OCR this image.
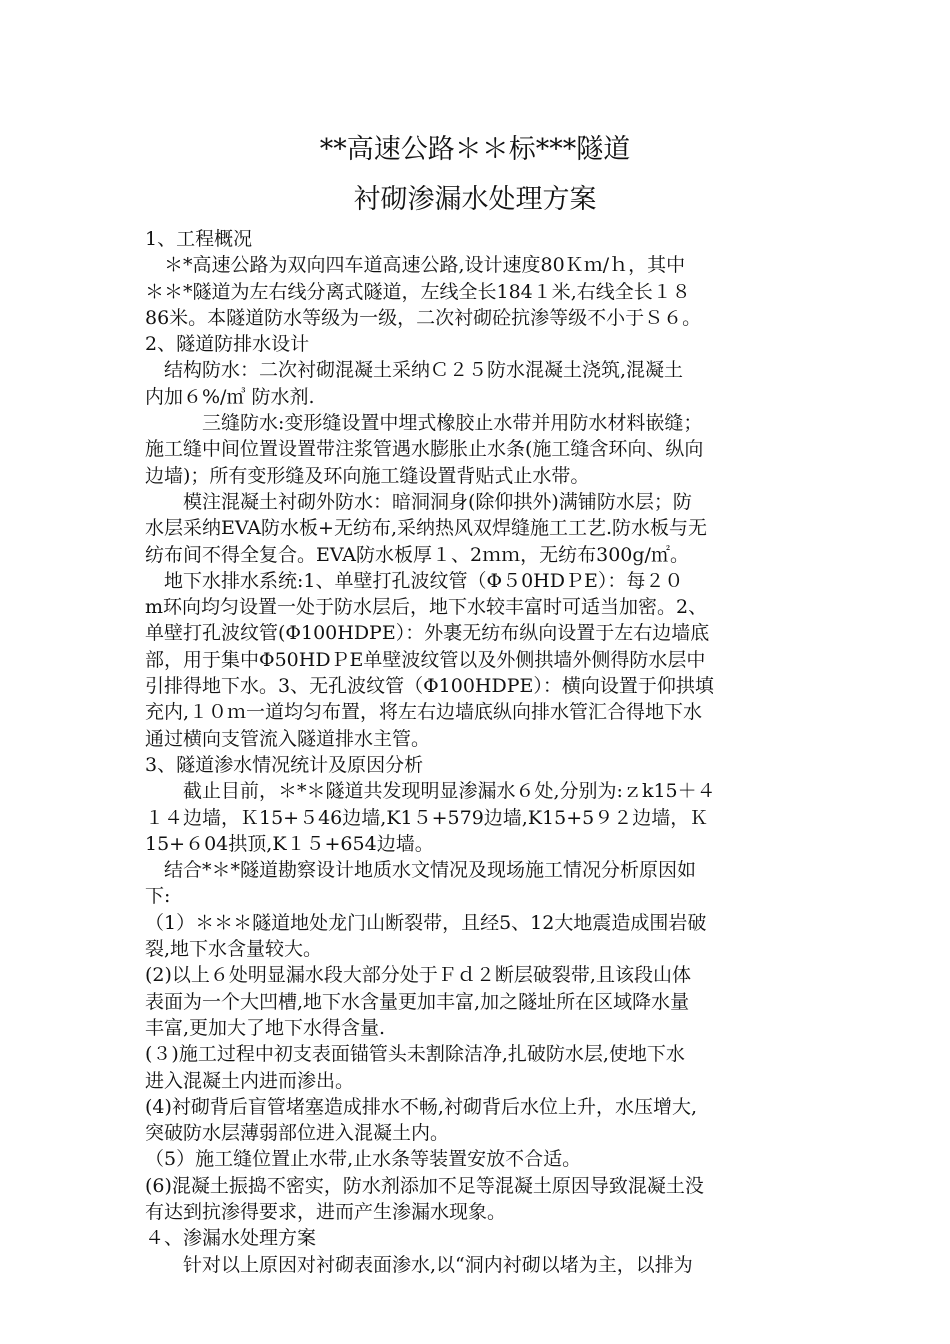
**高速公路＊＊标***隧道
衬砌渗漏水处理方案
1、工程概况
　＊*高速公路为双向四车道高速公路,设计速度80Ｋｍ/ｈ，其中
＊＊*隧道为左右线分离式隧道，左线全长184１米,右线全长１８
86米。本隧道防水等级为一级，二次衬砌砼抗渗等级不小于Ｓ６。
2、隧道防排水设计
　结构防水：二次衬砌混凝土采纳Ｃ２５防水混凝土浇筑,混凝土
内加６%/㎥ 防水剂.
　　　三缝防水:变形缝设置中埋式橡胶止水带并用防水材料嵌缝；
施工缝中间位置设置带注浆管遇水膨胀止水条(施工缝含环向、纵向
边墙)；所有变形缝及环向施工缝设置背贴式止水带。
　　模注混凝土衬砌外防水：暗洞洞身(除仰拱外)满铺防水层；防
水层采纳EVA防水板+无纺布,采纳热风双焊缝施工工艺.防水板与无
纺布间不得全复合。EVA防水板厚１、2ｍｍ，无纺布300g/㎡。
　地下水排水系统:1、单壁打孔波纹管（Φ５0HDＰE）：每２０
m环向均匀设置一处于防水层后，地下水较丰富时可适当加密。2、
单壁打孔波纹管(Φ100HDPE）：外裹无纺布纵向设置于左右边墙底
部，用于集中Φ50HDＰE单壁波纹管以及外侧拱墙外侧得防水层中
引排得地下水。3、无孔波纹管（Φ100HDPE）：横向设置于仰拱填
充内,１０ｍ一道均匀布置，将左右边墙底纵向排水管汇合得地下水
通过横向支管流入隧道排水主管。
3、隧道渗水情况统计及原因分析
　　截止目前，＊*＊隧道共发现明显渗漏水６处,分别为:ｚk15＋４
１４边墙，Ｋ15+５46边墙,K1５+579边墙,K15+5９２边墙，Ｋ
15+６04拱顶,K１５+654边墙。
　结合*＊*隧道勘察设计地质水文情况及现场施工情况分析原因如
下:
（1）＊＊＊隧道地处龙门山断裂带，且经5、12大地震造成围岩破
裂,地下水含量较大。
(2)以上６处明显漏水段大部分处于Ｆｄ２断层破裂带,且该段山体
表面为一个大凹槽,地下水含量更加丰富,加之隧址所在区域降水量
丰富,更加大了地下水得含量.
(３)施工过程中初支表面锚管头未割除洁净,扎破防水层,使地下水
进入混凝土内进而渗出。
(4)衬砌背后盲管堵塞造成排水不畅,衬砌背后水位上升，水压增大,
突破防水层薄弱部位进入混凝土内。
（5）施工缝位置止水带,止水条等装置安放不合适。
(6)混凝土振捣不密实，防水剂添加不足等混凝土原因导致混凝土没
有达到抗渗得要求，进而产生渗漏水现象。
４、渗漏水处理方案
　　针对以上原因对衬砌表面渗水,以“洞内衬砌以堵为主，以排为
